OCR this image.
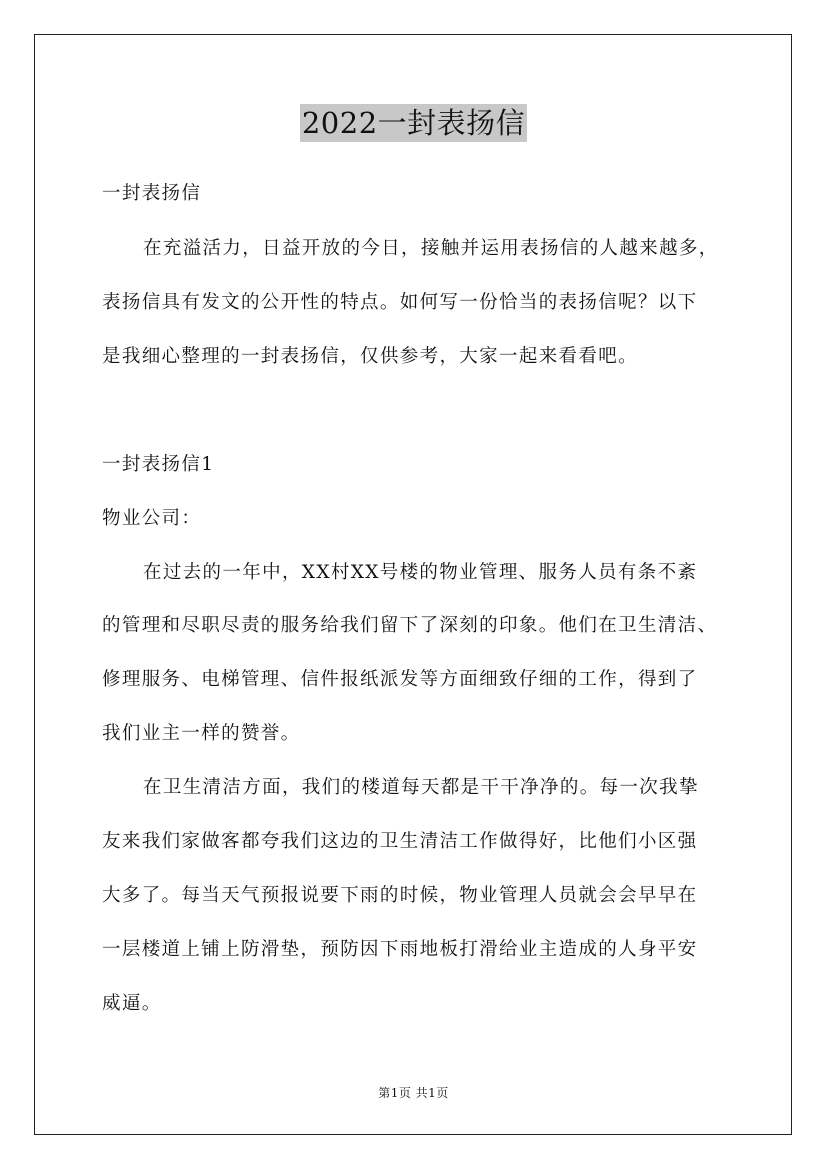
2022一封表扬信
一封表扬信
在充溢活力，日益开放的今日，接触并运用表扬信的人越来越多，
表扬信具有发文的公开性的特点。如何写一份恰当的表扬信呢？以下
是我细心整理的一封表扬信，仅供参考，大家一起来看看吧。
一封表扬信1
物业公司：
在过去的一年中，XX村XX号楼的物业管理、服务人员有条不紊
的管理和尽职尽责的服务给我们留下了深刻的印象。他们在卫生清洁、
修理服务、电梯管理、信件报纸派发等方面细致仔细的工作，得到了
我们业主一样的赞誉。
在卫生清洁方面，我们的楼道每天都是干干净净的。每一次我挚
友来我们家做客都夸我们这边的卫生清洁工作做得好，比他们小区强
大多了。每当天气预报说要下雨的时候，物业管理人员就会会早早在
一层楼道上铺上防滑垫，预防因下雨地板打滑给业主造成的人身平安
威逼。
第1页 共1页
